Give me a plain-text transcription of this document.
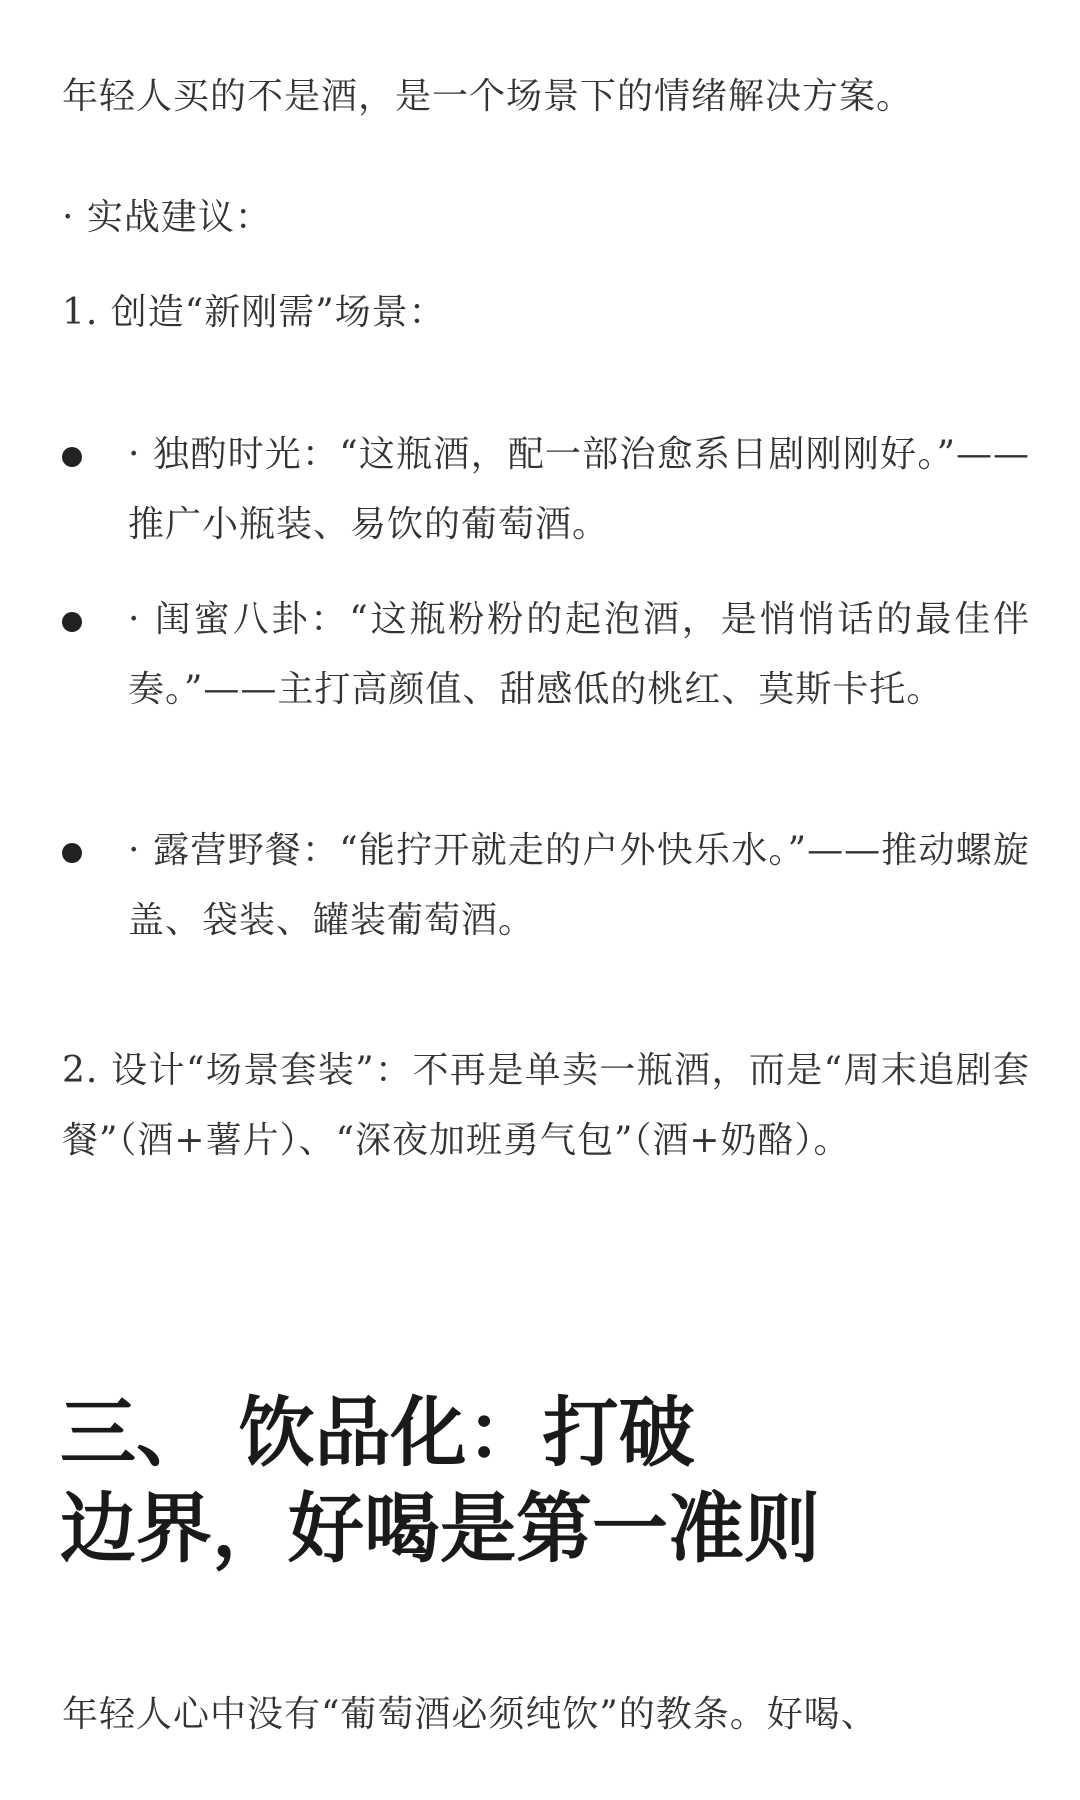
年轻人买的不是酒，是一个场景下的情绪解决方案。

· 实战建议：

1. 创造“新刚需”场景：

· 独酌时光：“这瓶酒，配一部治愈系日剧刚刚好。”——推广小瓶装、易饮的葡萄酒。

· 闺蜜八卦：“这瓶粉粉的起泡酒，是悄悄话的最佳伴奏。”——主打高颜值、甜感低的桃红、莫斯卡托。

· 露营野餐：“能拧开就走的户外快乐水。”——推动螺旋盖、袋装、罐装葡萄酒。

2. 设计“场景套装”：不再是单卖一瓶酒，而是“周末追剧套餐”（酒+薯片）、“深夜加班勇气包”（酒+奶酪）。

三、 饮品化：打破
边界，好喝是第一准则

年轻人心中没有“葡萄酒必须纯饮”的教条。好喝、
